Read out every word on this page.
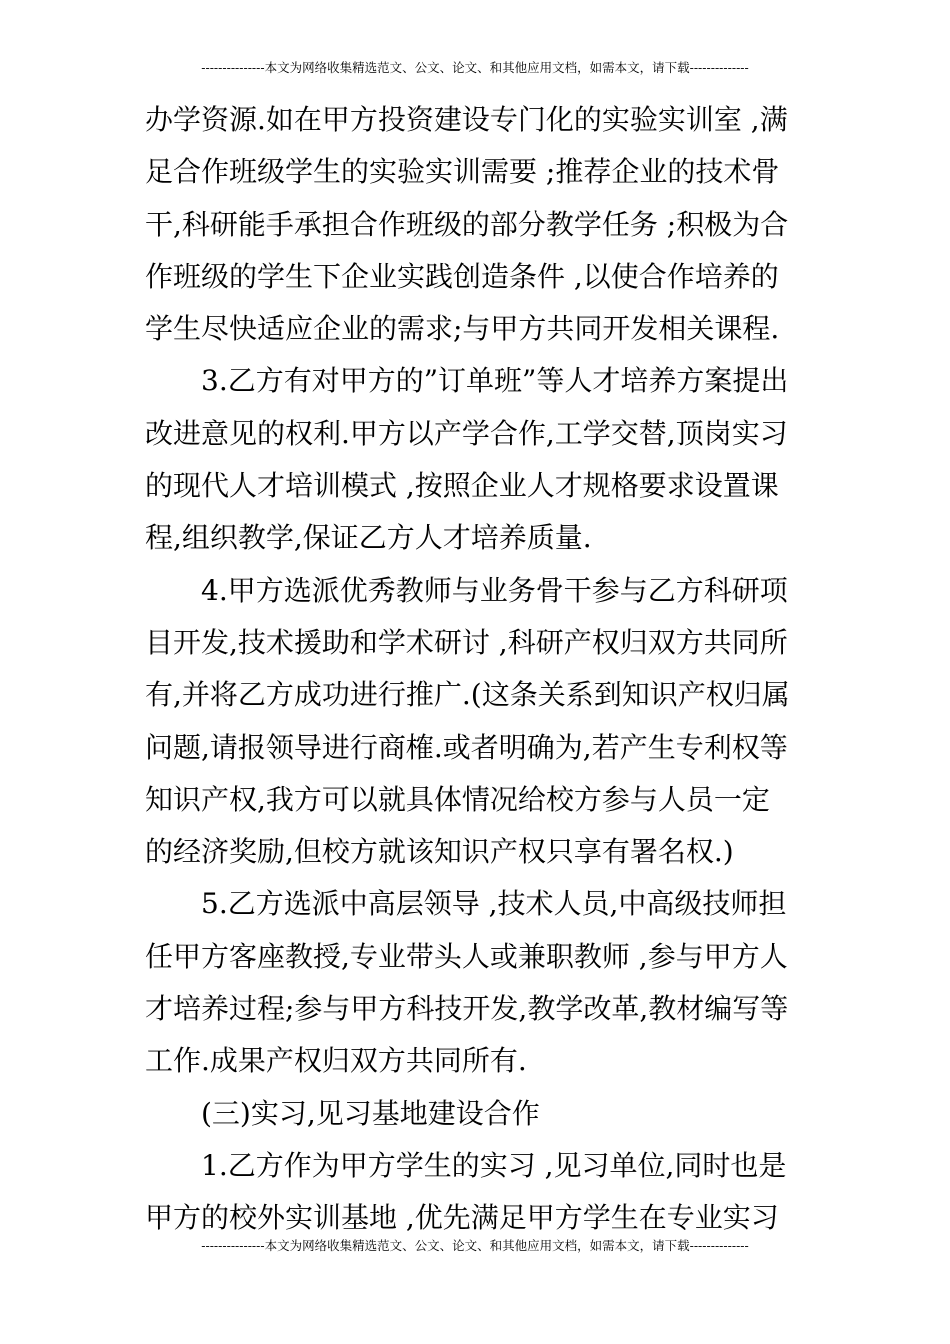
---------------本文为网络收集精选范文、公文、论文、和其他应用文档，如需本文，请下载--------------
办学资源.如在甲方投资建设专门化的实验实训室 ,满
足合作班级学生的实验实训需要 ;推荐企业的技术骨
干,科研能手承担合作班级的部分教学任务 ;积极为合
作班级的学生下企业实践创造条件 ,以使合作培养的
学生尽快适应企业的需求;与甲方共同开发相关课程.
3.乙方有对甲方的”订单班”等人才培养方案提出
改进意见的权利.甲方以产学合作,工学交替,顶岗实习
的现代人才培训模式 ,按照企业人才规格要求设置课
程,组织教学,保证乙方人才培养质量.
4.甲方选派优秀教师与业务骨干参与乙方科研项
目开发,技术援助和学术研讨 ,科研产权归双方共同所
有,并将乙方成功进行推广.(这条关系到知识产权归属
问题,请报领导进行商榷.或者明确为,若产生专利权等
知识产权,我方可以就具体情况给校方参与人员一定
的经济奖励,但校方就该知识产权只享有署名权.)
5.乙方选派中高层领导 ,技术人员,中高级技师担
任甲方客座教授,专业带头人或兼职教师 ,参与甲方人
才培养过程;参与甲方科技开发,教学改革,教材编写等
工作.成果产权归双方共同所有.
(三)实习,见习基地建设合作
1.乙方作为甲方学生的实习 ,见习单位,同时也是
甲方的校外实训基地 ,优先满足甲方学生在专业实习
---------------本文为网络收集精选范文、公文、论文、和其他应用文档，如需本文，请下载--------------
